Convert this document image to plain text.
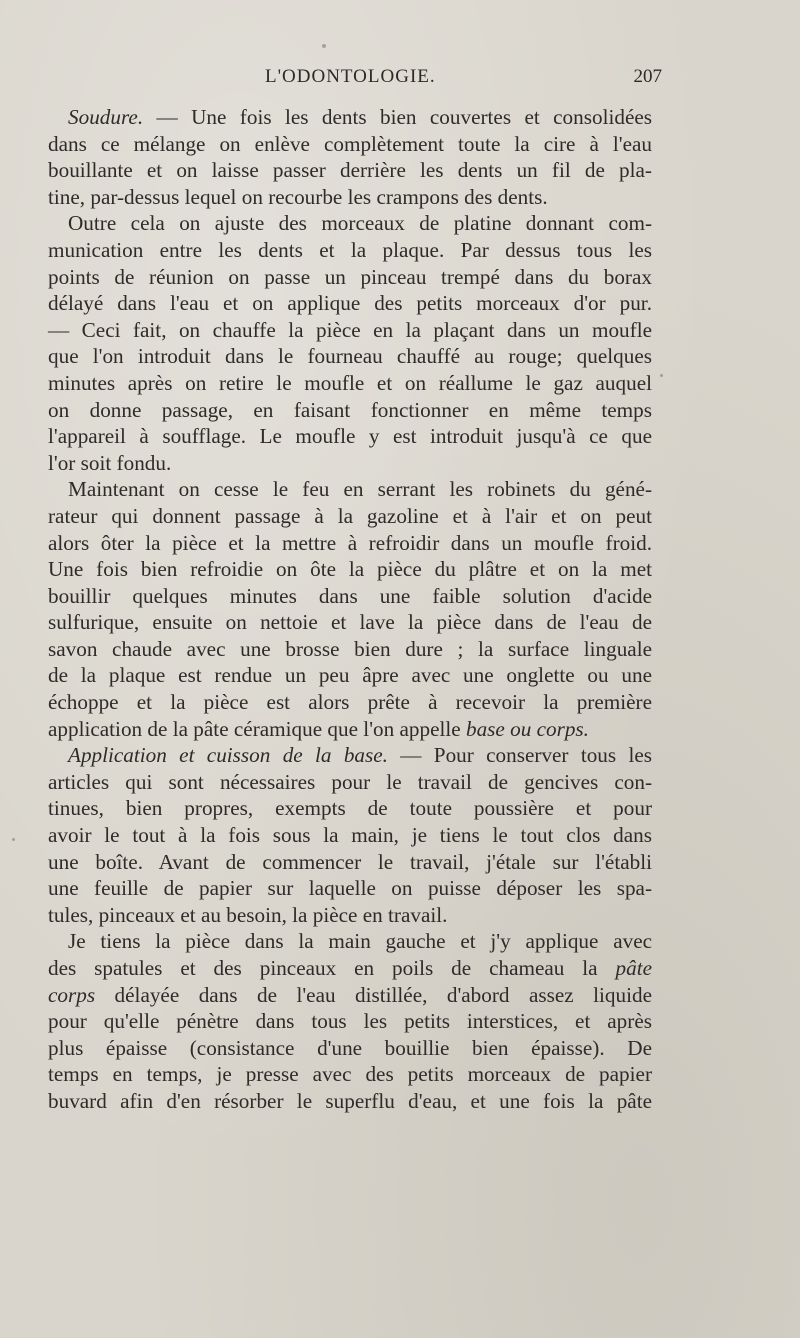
L'ODONTOLOGIE.	207
Soudure. — Une fois les dents bien couvertes et consolidées
dans ce mélange on enlève complètement toute la cire à l'eau
bouillante et on laisse passer derrière les dents un fil de pla-
tine, par-dessus lequel on recourbe les crampons des dents.
Outre cela on ajuste des morceaux de platine donnant com-
munication entre les dents et la plaque. Par dessus tous les
points de réunion on passe un pinceau trempé dans du borax
délayé dans l'eau et on applique des petits morceaux d'or pur.
— Ceci fait, on chauffe la pièce en la plaçant dans un moufle
que l'on introduit dans le fourneau chauffé au rouge; quelques
minutes après on retire le moufle et on réallume le gaz auquel
on donne passage, en faisant fonctionner en même temps
l'appareil à soufflage. Le moufle y est introduit jusqu'à ce que
l'or soit fondu.
Maintenant on cesse le feu en serrant les robinets du géné-
rateur qui donnent passage à la gazoline et à l'air et on peut
alors ôter la pièce et la mettre à refroidir dans un moufle froid.
Une fois bien refroidie on ôte la pièce du plâtre et on la met
bouillir quelques minutes dans une faible solution d'acide
sulfurique, ensuite on nettoie et lave la pièce dans de l'eau de
savon chaude avec une brosse bien dure ; la surface linguale
de la plaque est rendue un peu âpre avec une onglette ou une
échoppe et la pièce est alors prête à recevoir la première
application de la pâte céramique que l'on appelle base ou corps.
Application et cuisson de la base. — Pour conserver tous les
articles qui sont nécessaires pour le travail de gencives con-
tinues, bien propres, exempts de toute poussière et pour
avoir le tout à la fois sous la main, je tiens le tout clos dans
une boîte. Avant de commencer le travail, j'étale sur l'établi
une feuille de papier sur laquelle on puisse déposer les spa-
tules, pinceaux et au besoin, la pièce en travail.
Je tiens la pièce dans la main gauche et j'y applique avec
des spatules et des pinceaux en poils de chameau la pâte
corps délayée dans de l'eau distillée, d'abord assez liquide
pour qu'elle pénètre dans tous les petits interstices, et après
plus épaisse (consistance d'une bouillie bien épaisse). De
temps en temps, je presse avec des petits morceaux de papier
buvard afin d'en résorber le superflu d'eau, et une fois la pâte
